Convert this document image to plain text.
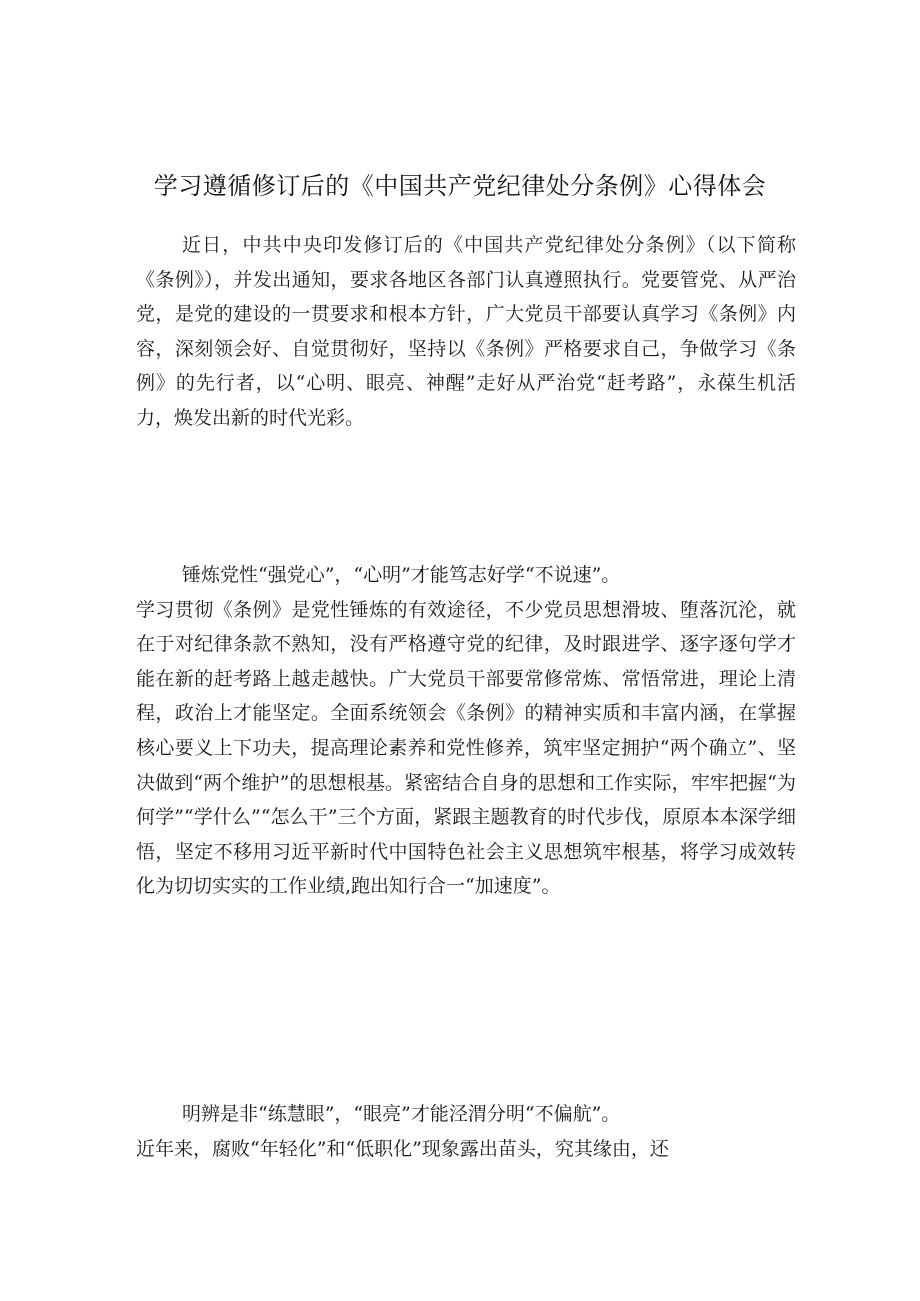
学习遵循修订后的《中国共产党纪律处分条例》心得体会

近日，中共中央印发修订后的《中国共产党纪律处分条例》（以下简称《条例》），并发出通知，要求各地区各部门认真遵照执行。党要管党、从严治党，是党的建设的一贯要求和根本方针，广大党员干部要认真学习《条例》内容，深刻领会好、自觉贯彻好，坚持以《条例》严格要求自己，争做学习《条例》的先行者，以“心明、眼亮、神醒”走好从严治党“赶考路”，永葆生机活力，焕发出新的时代光彩。

锤炼党性“强党心”，“心明”才能笃志好学“不说速”。

学习贯彻《条例》是党性锤炼的有效途径，不少党员思想滑坡、堕落沉沦，就在于对纪律条款不熟知，没有严格遵守党的纪律，及时跟进学、逐字逐句学才能在新的赶考路上越走越快。广大党员干部要常修常炼、常悟常进，理论上清程，政治上才能坚定。全面系统领会《条例》的精神实质和丰富内涵，在掌握核心要义上下功夫，提高理论素养和党性修养，筑牢坚定拥护“两个确立”、坚决做到“两个维护”的思想根基。紧密结合自身的思想和工作实际，牢牢把握“为何学”“学什么”“怎么干”三个方面，紧跟主题教育的时代步伐，原原本本深学细悟，坚定不移用习近平新时代中国特色社会主义思想筑牢根基，将学习成效转化为切切实实的工作业绩,跑出知行合一“加速度”。

明辨是非“练慧眼”，“眼亮”才能泾渭分明“不偏航”。

近年来，腐败“年轻化”和“低职化”现象露出苗头，究其缘由，还
